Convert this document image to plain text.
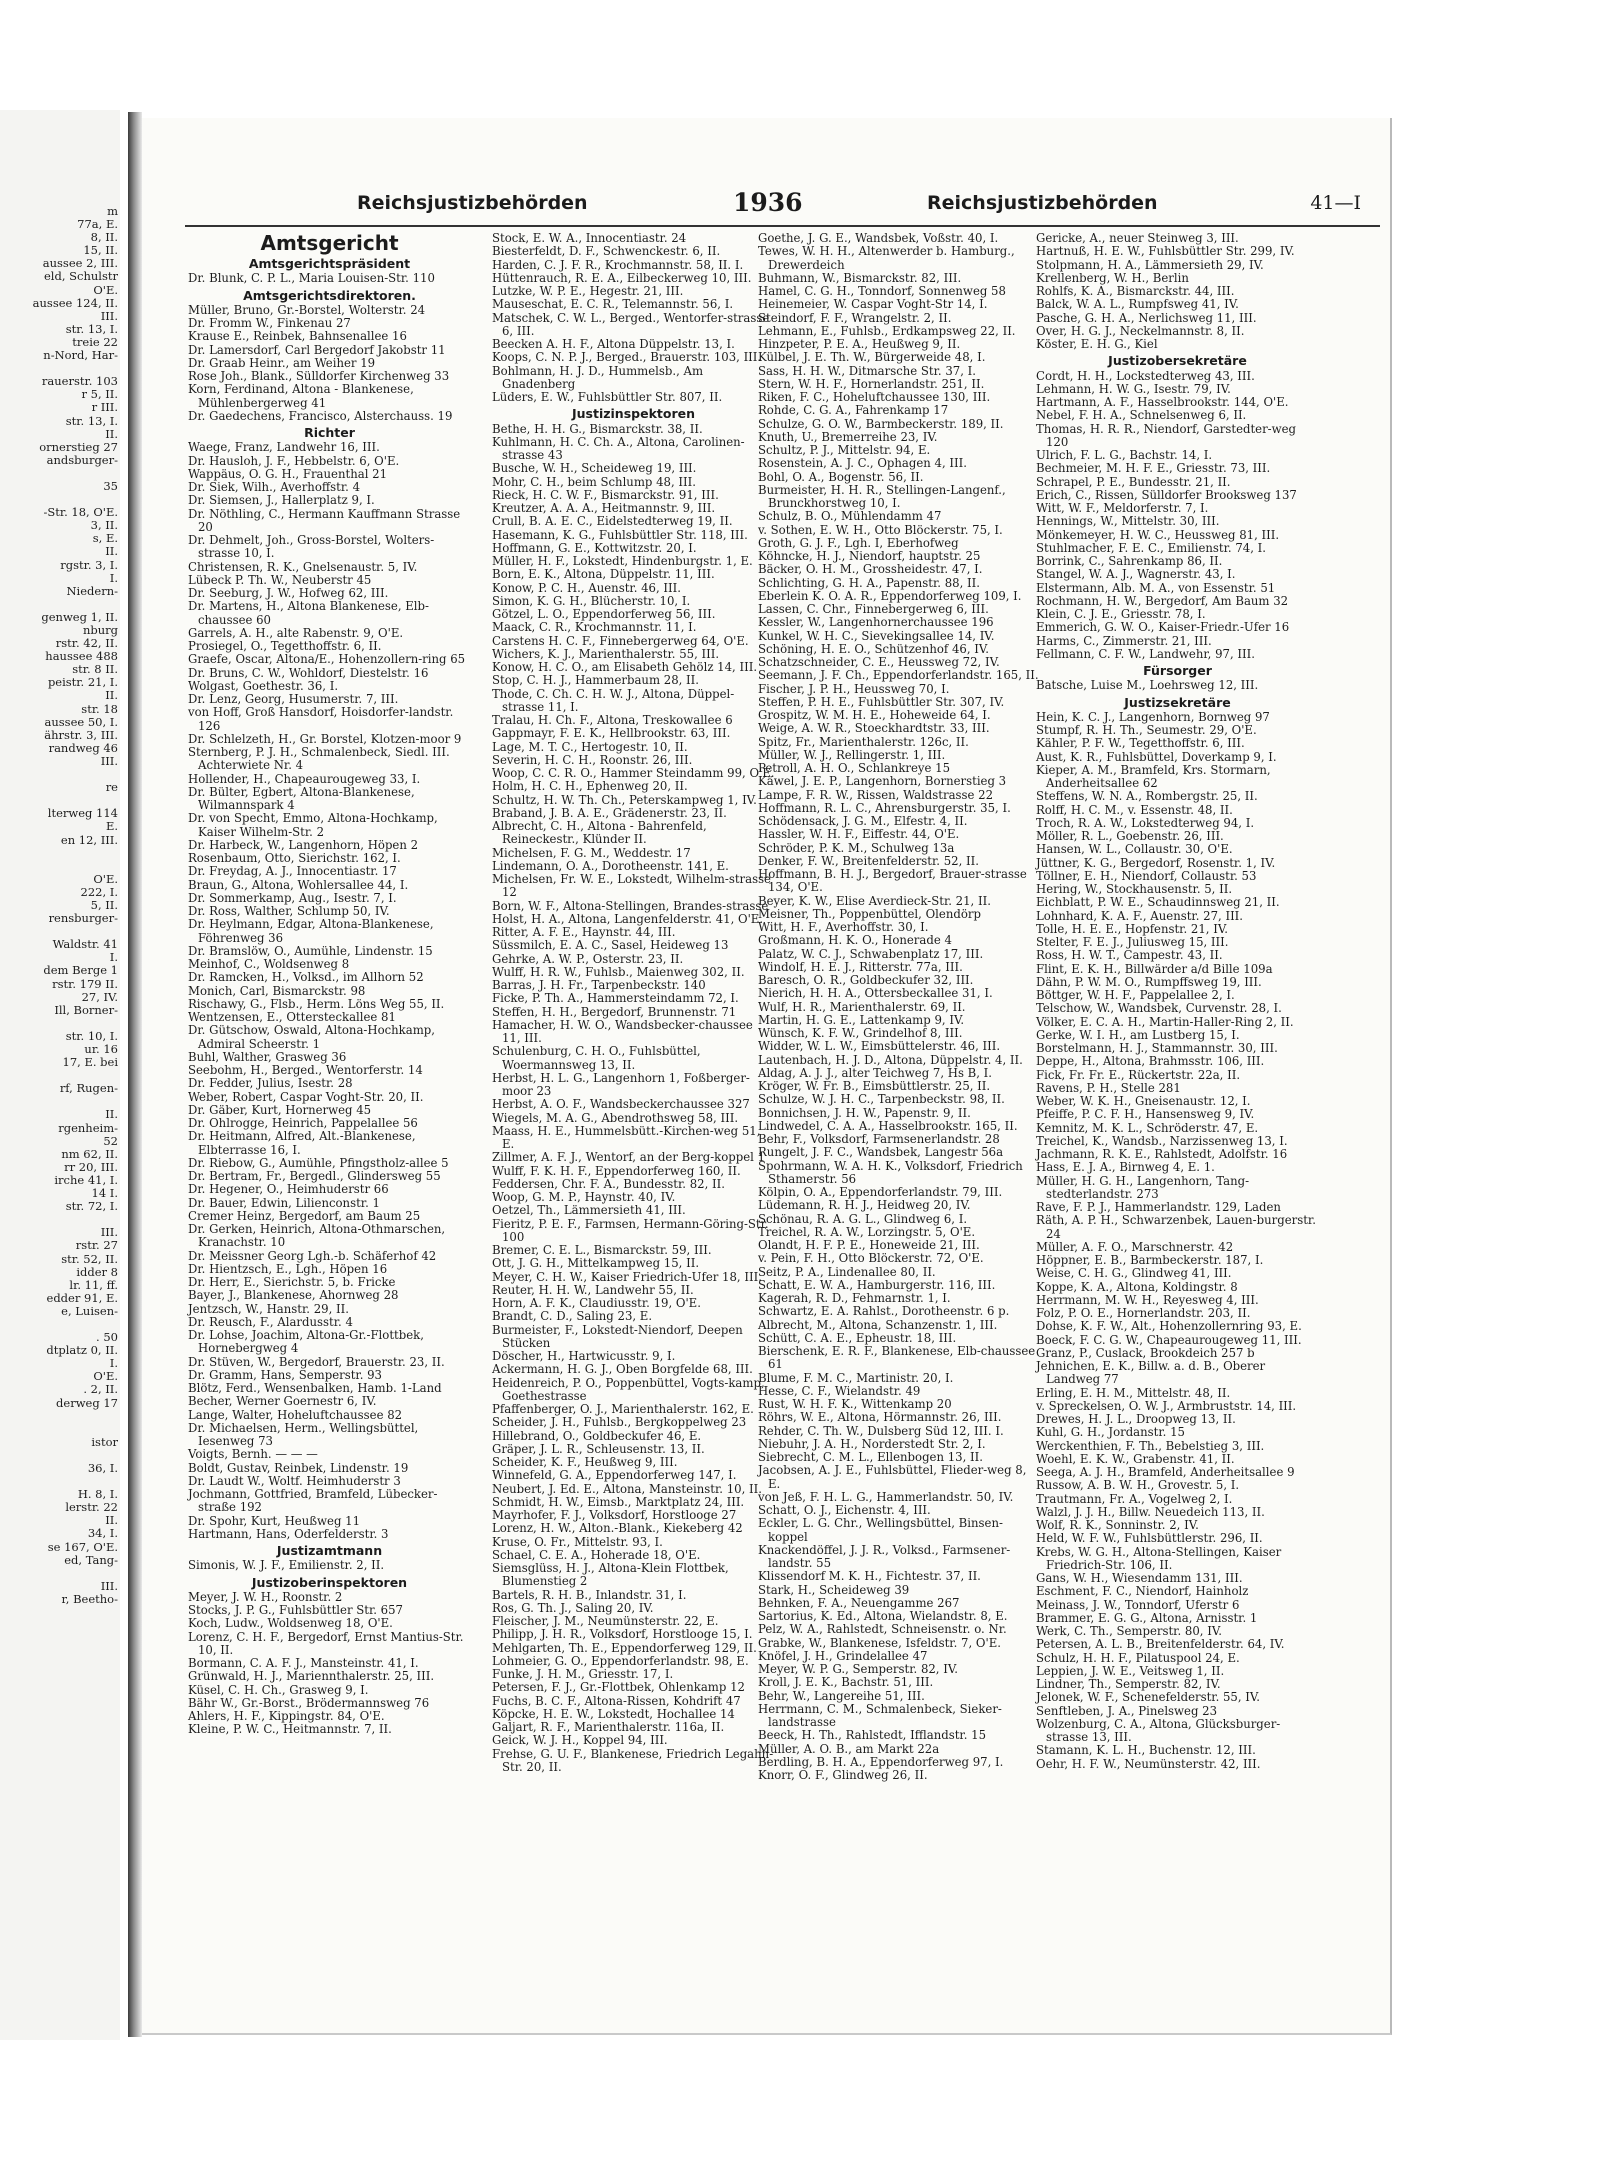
m
77a, E.
8, II.
15, II.
aussee 2, III.
eld, Schulstr
O'E.
aussee 124, II.
III.
str. 13, I.
treie 22
n-Nord, Har-

rauerstr. 103
r 5, II.
r III.
str. 13, I.
II.
ornerstieg 27
andsburger-

35

-Str. 18, O'E.
3, II.
s, E.
II.
rgstr. 3, I.
I.
Niedern-

genweg 1, II.
nburg
rstr. 42, II.
haussee 488
str. 8 II.
peistr. 21, I.
II.
str. 18
aussee 50, I.
ährstr. 3, III.
randweg 46
III.

re

lterweg 114
E.
en 12, III.

O'E.
222, I.
5, II.
rensburger-

Waldstr. 41
I.
dem Berge 1
rstr. 179 II.
27, IV.
Ill, Borner-

str. 10, I.
ur. 16
17, E. bei

rf, Rugen-

II.
rgenheim-
52
nm 62, II.
rr 20, III.
irche 41, I.
14 I.
str. 72, I.

III.
rstr. 27
str. 52, II.
idder 8
lr. 11, ff.
edder 91, E.
e, Luisen-

. 50
dtplatz 0, II.
I.
O'E.
. 2, II.
derweg 17

istor

36, I.

H. 8, I.
lerstr. 22
II.
34, I.
se 167, O'E.
ed, Tang-

III.
r, Beetho-
Reichsjustizbehörden	1936	Reichsjustizbehörden	41—I
Amtsgericht
Amtsgerichtspräsident
Dr. Blunk, C. P. L., Maria Louisen-Str. 110
Amtsgerichtsdirektoren.
Müller, Bruno, Gr.-Borstel, Wolterstr. 24
Dr. Fromm W., Finkenau 27
Krause E., Reinbek, Bahnsenallee 16
Dr. Lamersdorf, Carl Bergedorf Jakobstr 11
Dr. Graab Heinr., am Weiher 19
Rose Joh., Blank., Sülldorfer Kirchenweg 33
Korn, Ferdinand, Altona - Blankenese, Mühlenbergerweg 41
Dr. Gaedechens, Francisco, Alsterchauss. 19
Richter
Waege, Franz, Landwehr 16, III.
Dr. Hausloh, J. F., Hebbelstr. 6, O'E.
Wappäus, O. G. H., Frauenthal 21
Dr. Siek, Wilh., Averhoffstr. 4
Dr. Siemsen, J., Hallerplatz 9, I.
Dr. Nöthling, C., Hermann Kauffmann Strasse 20
Dr. Dehmelt, Joh., Gross-Borstel, Wolters-strasse 10, I.
Christensen, R. K., Gnelsenaustr. 5, IV.
Lübeck P. Th. W., Neuberstr 45
Dr. Seeburg, J. W., Hofweg 62, III.
Dr. Martens, H., Altona Blankenese, Elb-chaussee 60
Garrels, A. H., alte Rabenstr. 9, O'E.
Prosiegel, O., Tegetthoffstr. 6, II.
Graefe, Oscar, Altona/E., Hohenzollern-ring 65
Dr. Bruns, C. W., Wohldorf, Diestelstr. 16
Wolgast, Goethestr. 36, I.
Dr. Lenz, Georg, Husumerstr. 7, III.
von Hoff, Groß Hansdorf, Hoisdorfer-landstr. 126
Dr. Schlelzeth, H., Gr. Borstel, Klotzen-moor 9
Sternberg, P. J. H., Schmalenbeck, Siedl. III. Achterwiete Nr. 4
Hollender, H., Chapeaurougeweg 33, I.
Dr. Bülter, Egbert, Altona-Blankenese, Wilmannspark 4
Dr. von Specht, Emmo, Altona-Hochkamp, Kaiser Wilhelm-Str. 2
Dr. Harbeck, W., Langenhorn, Höpen 2
Rosenbaum, Otto, Sierichstr. 162, I.
Dr. Freydag, A. J., Innocentiastr. 17
Braun, G., Altona, Wohlersallee 44, I.
Dr. Sommerkamp, Aug., Isestr. 7, I.
Dr. Ross, Walther, Schlump 50, IV.
Dr. Heylmann, Edgar, Altona-Blankenese, Föhrenweg 36
Dr. Bramslöw, O., Aumühle, Lindenstr. 15
Meinhof, C., Woldsenweg 8
Dr. Ramcken, H., Volksd., im Allhorn 52
Monich, Carl, Bismarckstr. 98
Rischawy, G., Flsb., Herm. Löns Weg 55, II.
Wentzensen, E., Ottersteckallee 81
Dr. Gütschow, Oswald, Altona-Hochkamp, Admiral Scheerstr. 1
Buhl, Walther, Grasweg 36
Seebohm, H., Berged., Wentorferstr. 14
Dr. Fedder, Julius, Isestr. 28
Weber, Robert, Caspar Voght-Str. 20, II.
Dr. Gäber, Kurt, Hornerweg 45
Dr. Ohlrogge, Heinrich, Pappelallee 56
Dr. Heitmann, Alfred, Alt.-Blankenese, Elbterrasse 16, I.
Dr. Riebow, G., Aumühle, Pfingstholz-allee 5
Dr. Bertram, Fr., Bergedl., Glindersweg 55
Dr. Hegener, O., Heimhuderstr 66
Dr. Bauer, Edwin, Lilienconstr. 1
Cremer Heinz, Bergedorf, am Baum 25
Dr. Gerken, Heinrich, Altona-Othmarschen, Kranachstr. 10
Dr. Meissner Georg Lgh.-b. Schäferhof 42
Dr. Hientzsch, E., Lgh., Höpen 16
Dr. Herr, E., Sierichstr. 5, b. Fricke
Bayer, J., Blankenese, Ahornweg 28
Jentzsch, W., Hanstr. 29, II.
Dr. Reusch, F., Alardusstr. 4
Dr. Lohse, Joachim, Altona-Gr.-Flottbek, Hornebergweg 4
Dr. Stüven, W., Bergedorf, Brauerstr. 23, II.
Dr. Gramm, Hans, Semperstr. 93
Blötz, Ferd., Wensenbalken, Hamb. 1-Land
Becher, Werner Goernestr 6, IV.
Lange, Walter, Hoheluftchaussee 82
Dr. Michaelsen, Herm., Wellingsbüttel, Iesenweg 73
Voigts, Bernh. — — —
Boldt, Gustav, Reinbek, Lindenstr. 19
Dr. Laudt W., Woltf. Heimhuderstr 3
Jochmann, Gottfried, Bramfeld, Lübecker-straße 192
Dr. Spohr, Kurt, Heußweg 11
Hartmann, Hans, Oderfelderstr. 3
Justizamtmann
Simonis, W. J. F., Emilienstr. 2, II.
Justizoberinspektoren
Meyer, J. W. H., Roonstr. 2
Stocks, J. P. G., Fuhlsbüttler Str. 657
Koch, Ludw., Woldsenweg 18, O'E.
Lorenz, C. H. F., Bergedorf, Ernst Mantius-Str. 10, II.
Bormann, C. A. F. J., Mansteinstr. 41, I.
Grünwald, H. J., Mariennthalerstr. 25, III.
Küsel, C. H. Ch., Grasweg 9, I.
Bähr W., Gr.-Borst., Brödermannsweg 76
Ahlers, H. F., Kippingstr. 84, O'E.
Kleine, P. W. C., Heitmannstr. 7, II.
Stock, E. W. A., Innocentiastr. 24
Biesterfeldt, D. F., Schwenckestr. 6, II.
Harden, C. J. F. R., Krochmannstr. 58, II. I.
Hüttenrauch, R. E. A., Eilbeckerweg 10, III.
Lutzke, W. P. E., Hegestr. 21, III.
Mauseschat, E. C. R., Telemannstr. 56, I.
Matschek, C. W. L., Berged., Wentorfer-strasse 6, III.
Beecken A. H. F., Altona Düppelstr. 13, I.
Koops, C. N. P. J., Berged., Brauerstr. 103, III.
Bohlmann, H. J. D., Hummelsb., Am Gnadenberg
Lüders, E. W., Fuhlsbüttler Str. 807, II.
Justizinspektoren
Bethe, H. H. G., Bismarckstr. 38, II.
Kuhlmann, H. C. Ch. A., Altona, Carolinen-strasse 43
Busche, W. H., Scheideweg 19, III.
Mohr, C. H., beim Schlump 48, III.
Rieck, H. C. W. F., Bismarckstr. 91, III.
Kreutzer, A. A. A., Heitmannstr. 9, III.
Crull, B. A. E. C., Eidelstedterweg 19, II.
Hasemann, K. G., Fuhlsbüttler Str. 118, III.
Hoffmann, G. E., Kottwitzstr. 20, I.
Müller, H. F., Lokstedt, Hindenburgstr. 1, E.
Born, E. K., Altona, Düppelstr. 11, III.
Konow, P. C. H., Auenstr. 46, III.
Simon, K. G. H., Blücherstr. 10, I.
Götzel, L. O., Eppendorferweg 56, III.
Maack, C. R., Krochmannstr. 11, I.
Carstens H. C. F., Finnebergerweg 64, O'E.
Wichers, K. J., Marienthalerstr. 55, III.
Konow, H. C. O., am Elisabeth Gehölz 14, III.
Stop, C. H. J., Hammerbaum 28, II.
Thode, C. Ch. C. H. W. J., Altona, Düppel-strasse 11, I.
Tralau, H. Ch. F., Altona, Treskowallee 6
Gappmayr, F. E. K., Hellbrookstr. 63, III.
Lage, M. T. C., Hertogestr. 10, II.
Severin, H. C. H., Roonstr. 26, III.
Woop, C. C. R. O., Hammer Steindamm 99, O'E.
Holm, H. C. H., Ephenweg 20, II.
Schultz, H. W. Th. Ch., Peterskampweg 1, IV.
Braband, J. B. A. E., Grädenerstr. 23, II.
Albrecht, C. H., Altona - Bahrenfeld, Reineckestr., Klünder II.
Michelsen, F. G. M., Weddestr. 17
Lindemann, O. A., Dorotheenstr. 141, E.
Michelsen, Fr. W. E., Lokstedt, Wilhelm-strasse 12
Born, W. F., Altona-Stellingen, Brandes-strasse
Holst, H. A., Altona, Langenfelderstr. 41, O'E.
Ritter, A. F. E., Haynstr. 44, III.
Süssmilch, E. A. C., Sasel, Heideweg 13
Gehrke, A. W. P., Osterstr. 23, II.
Wulff, H. R. W., Fuhlsb., Maienweg 302, II.
Barras, J. H. Fr., Tarpenbeckstr. 140
Ficke, P. Th. A., Hammersteindamm 72, I.
Steffen, H. H., Bergedorf, Brunnenstr. 71
Hamacher, H. W. O., Wandsbecker-chaussee 11, III.
Schulenburg, C. H. O., Fuhlsbüttel, Woermannsweg 13, II.
Herbst, H. L. G., Langenhorn 1, Foßberger-moor 23
Herbst, A. O. F., Wandsbeckerchaussee 327
Wiegels, M. A. G., Abendrothsweg 58, III.
Maass, H. E., Hummelsbütt.-Kirchen-weg 51, E.
Zillmer, A. F. J., Wentorf, an der Berg-koppel 1
Wulff, F. K. H. F., Eppendorferweg 160, II.
Feddersen, Chr. F. A., Bundesstr. 82, II.
Woop, G. M. P., Haynstr. 40, IV.
Oetzel, Th., Lämmersieth 41, III.
Fieritz, P. E. F., Farmsen, Hermann-Göring-Str. 100
Bremer, C. E. L., Bismarckstr. 59, III.
Ott, J. G. H., Mittelkampweg 15, II.
Meyer, C. H. W., Kaiser Friedrich-Ufer 18, III.
Reuter, H. H. W., Landwehr 55, II.
Horn, A. F. K., Claudiusstr. 19, O'E.
Brandt, C. D., Saling 23, E.
Burmeister, F., Lokstedt-Niendorf, Deepen Stücken
Döscher, H., Hartwicusstr. 9, I.
Ackermann, H. G. J., Oben Borgfelde 68, III.
Heidenreich, P. O., Poppenbüttel, Vogts-kamp, Goethestrasse
Pfaffenberger, O. J., Marienthalerstr. 162, E.
Scheider, J. H., Fuhlsb., Bergkoppelweg 23
Hillebrand, O., Goldbeckufer 46, E.
Gräper, J. L. R., Schleusenstr. 13, II.
Scheider, K. F., Heußweg 9, III.
Winnefeld, G. A., Eppendorferweg 147, I.
Neubert, J. Ed. E., Altona, Mansteinstr. 10, II.
Schmidt, H. W., Eimsb., Marktplatz 24, III.
Mayrhofer, F. J., Volksdorf, Horstlooge 27
Lorenz, H. W., Alton.-Blank., Kiekeberg 42
Kruse, O. Fr., Mittelstr. 93, I.
Schael, C. E. A., Hoherade 18, O'E.
Siemsglüss, H. J., Altona-Klein Flottbek, Blumenstieg 2
Bartels, R. H. B., Inlandstr. 31, I.
Ros, G. Th. J., Saling 20, IV.
Fleischer, J. M., Neumünsterstr. 22, E.
Philipp, J. H. R., Volksdorf, Horstlooge 15, I.
Mehlgarten, Th. E., Eppendorferweg 129, II.
Lohmeier, G. O., Eppendorferlandstr. 98, E.
Funke, J. H. M., Griesstr. 17, I.
Petersen, F. J., Gr.-Flottbek, Ohlenkamp 12
Fuchs, B. C. F., Altona-Rissen, Kohdrift 47
Köpcke, H. E. W., Lokstedt, Hochallee 14
Galjart, R. F., Marienthalerstr. 116a, II.
Geick, W. J. H., Koppel 94, III.
Frehse, G. U. F., Blankenese, Friedrich Legahn-Str. 20, II.
Goethe, J. G. E., Wandsbek, Voßstr. 40, I.
Tewes, W. H. H., Altenwerder b. Hamburg., Drewerdeich
Buhmann, W., Bismarckstr. 82, III.
Hamel, C. G. H., Tonndorf, Sonnenweg 58
Heinemeier, W. Caspar Voght-Str 14, I.
Steindorf, F. F., Wrangelstr. 2, II.
Lehmann, E., Fuhlsb., Erdkampsweg 22, II.
Hinzpeter, P. E. A., Heußweg 9, II.
Külbel, J. E. Th. W., Bürgerweide 48, I.
Sass, H. H. W., Ditmarsche Str. 37, I.
Stern, W. H. F., Hornerlandstr. 251, II.
Riken, F. C., Hoheluftchaussee 130, III.
Rohde, C. G. A., Fahrenkamp 17
Schulze, G. O. W., Barmbeckerstr. 189, II.
Knuth, U., Bremerreihe 23, IV.
Schultz, P. J., Mittelstr. 94, E.
Rosenstein, A. J. C., Ophagen 4, III.
Bohl, O. A., Bogenstr. 56, II.
Burmeister, H. H. R., Stellingen-Langenf., Brunckhorstweg 10, I.
Schulz, B. O., Mühlendamm 47
v. Sothen, E. W. H., Otto Blöckerstr. 75, I.
Groth, G. J. F., Lgh. I, Eberhofweg
Köhncke, H. J., Niendorf, hauptstr. 25
Bäcker, O. H. M., Grossheidestr. 47, I.
Schlichting, G. H. A., Papenstr. 88, II.
Eberlein K. O. A. R., Eppendorferweg 109, I.
Lassen, C. Chr., Finnebergerweg 6, III.
Kessler, W., Langenhornerchaussee 196
Kunkel, W. H. C., Sievekingsallee 14, IV.
Schöning, H. E. O., Schützenhof 46, IV.
Schatzschneider, C. E., Heussweg 72, IV.
Seemann, J. F. Ch., Eppendorferlandstr. 165, II.
Fischer, J. P. H., Heussweg 70, I.
Steffen, P. H. E., Fuhlsbüttler Str. 307, IV.
Grospitz, W. M. H. E., Hoheweide 64, I.
Weige, A. W. R., Stoeckhardtstr. 33, III.
Spitz, Fr., Marienthalerstr. 126c, II.
Müller, W. J., Rellingerstr. 1, III.
Petroll, A. H. O., Schlankreye 15
Käwel, J. E. P., Langenhorn, Bornerstieg 3
Lampe, F. R. W., Rissen, Waldstrasse 22
Hoffmann, R. L. C., Ahrensburgerstr. 35, I.
Schödensack, J. G. M., Elfestr. 4, II.
Hassler, W. H. F., Eiffestr. 44, O'E.
Schröder, P. K. M., Schulweg 13a
Denker, F. W., Breitenfelderstr. 52, II.
Hoffmann, B. H. J., Bergedorf, Brauer-strasse 134, O'E.
Beyer, K. W., Elise Averdieck-Str. 21, II.
Meisner, Th., Poppenbüttel, Olendörp
Witt, H. F., Averhoffstr. 30, I.
Großmann, H. K. O., Honerade 4
Palatz, W. C. J., Schwabenplatz 17, III.
Windolf, H. E. J., Ritterstr. 77a, III.
Baresch, O. R., Goldbeckufer 32, III.
Nierich, H. H. A., Ottersbeckallee 31, I.
Wulf, H. R., Marienthalerstr. 69, II.
Martin, H. G. E., Lattenkamp 9, IV.
Wünsch, K. F. W., Grindelhof 8, III.
Widder, W. L. W., Eimsbüttelerstr. 46, III.
Lautenbach, H. J. D., Altona, Düppelstr. 4, II.
Aldag, A. J. J., alter Teichweg 7, Hs B, I.
Kröger, W. Fr. B., Eimsbüttlerstr. 25, II.
Schulze, W. J. H. C., Tarpenbeckstr. 98, II.
Bonnichsen, J. H. W., Papenstr. 9, II.
Lindwedel, C. A. A., Hasselbrookstr. 165, II.
Behr, F., Volksdorf, Farmsenerlandstr. 28
Rungelt, J. F. C., Wandsbek, Langestr 56a
Spohrmann, W. A. H. K., Volksdorf, Friedrich Sthamerstr. 56
Kölpin, O. A., Eppendorferlandstr. 79, III.
Lüdemann, R. H. J., Heidweg 20, IV.
Schönau, R. A. G. L., Glindweg 6, I.
Treichel, R. A. W., Lorzingstr. 5, O'E.
Olandt, H. F. P. E., Honeweide 21, III.
v. Pein, F. H., Otto Blöckerstr. 72, O'E.
Seitz, P. A., Lindenallee 80, II.
Schatt, E. W. A., Hamburgerstr. 116, III.
Kagerah, R. D., Fehmarnstr. 1, I.
Schwartz, E. A. Rahlst., Dorotheenstr. 6 p.
Albrecht, M., Altona, Schanzenstr. 1, III.
Schütt, C. A. E., Epheustr. 18, III.
Bierschenk, E. R. F., Blankenese, Elb-chaussee 61
Blume, F. M. C., Martinistr. 20, I.
Hesse, C. F., Wielandstr. 49
Rust, W. H. F. K., Wittenkamp 20
Röhrs, W. E., Altona, Hörmannstr. 26, III.
Rehder, C. Th. W., Dulsberg Süd 12, III. I.
Niebuhr, J. A. H., Norderstedt Str. 2, I.
Siebrecht, C. M. L., Ellenbogen 13, II.
Jacobsen, A. J. E., Fuhlsbüttel, Flieder-weg 8, E.
von Jeß, F. H. L. G., Hammerlandstr. 50, IV.
Schatt, O. J., Eichenstr. 4, III.
Eckler, L. G. Chr., Wellingsbüttel, Binsen-koppel
Knackendöffel, J. J. R., Volksd., Farmsener-landstr. 55
Klissendorf M. K. H., Fichtestr. 37, II.
Stark, H., Scheideweg 39
Behnken, F. A., Neuengamme 267
Sartorius, K. Ed., Altona, Wielandstr. 8, E.
Pelz, W. A., Rahlstedt, Schneisenstr. o. Nr.
Grabke, W., Blankenese, Isfeldstr. 7, O'E.
Knöfel, J. H., Grindelallee 47
Meyer, W. P. G., Semperstr. 82, IV.
Kroll, J. E. K., Bachstr. 51, III.
Behr, W., Langereihe 51, III.
Herrmann, C. M., Schmalenbeck, Sieker-landstrasse
Beeck, H. Th., Rahlstedt, Ifflandstr. 15
Müller, A. O. B., am Markt 22a
Berdling, B. H. A., Eppendorferweg 97, I.
Knorr, O. F., Glindweg 26, II.
Gericke, A., neuer Steinweg 3, III.
Hartnuß, H. E. W., Fuhlsbüttler Str. 299, IV.
Stolpmann, H. A., Lämmersieth 29, IV.
Krellenberg, W. H., Berlin
Rohlfs, K. A., Bismarckstr. 44, III.
Balck, W. A. L., Rumpfsweg 41, IV.
Pasche, G. H. A., Nerlichsweg 11, III.
Over, H. G. J., Neckelmannstr. 8, II.
Köster, E. H. G., Kiel
Justizobersekretäre
Cordt, H. H., Lockstedterweg 43, III.
Lehmann, H. W. G., Isestr. 79, IV.
Hartmann, A. F., Hasselbrookstr. 144, O'E.
Nebel, F. H. A., Schnelsenweg 6, II.
Thomas, H. R. R., Niendorf, Garstedter-weg 120
Ulrich, F. L. G., Bachstr. 14, I.
Bechmeier, M. H. F. E., Griesstr. 73, III.
Schrapel, P. E., Bundesstr. 21, II.
Erich, C., Rissen, Sülldorfer Brooksweg 137
Witt, W. F., Meldorferstr. 7, I.
Hennings, W., Mittelstr. 30, III.
Mönkemeyer, H. W. C., Heussweg 81, III.
Stuhlmacher, F. E. C., Emilienstr. 74, I.
Borrink, C., Sahrenkamp 86, II.
Stangel, W. A. J., Wagnerstr. 43, I.
Elstermann, Alb. M. A., von Essenstr. 51
Rochmann, H. W., Bergedorf, Am Baum 32
Klein, C. J. E., Griesstr. 78, I.
Emmerich, G. W. O., Kaiser-Friedr.-Ufer 16
Harms, C., Zimmerstr. 21, III.
Fellmann, C. F. W., Landwehr, 97, III.
Fürsorger
Batsche, Luise M., Loehrsweg 12, III.
Justizsekretäre
Hein, K. C. J., Langenhorn, Bornweg 97
Stumpf, R. H. Th., Seumestr. 29, O'E.
Kähler, P. F. W., Tegetthoffstr. 6, III.
Aust, K. R., Fuhlsbüttel, Doverkamp 9, I.
Kieper, A. M., Bramfeld, Krs. Stormarn, Anderheitsallee 62
Steffens, W. N. A., Rombergstr. 25, II.
Rolff, H. C. M., v. Essenstr. 48, II.
Troch, R. A. W., Lokstedterweg 94, I.
Möller, R. L., Goebenstr. 26, III.
Hansen, W. L., Collaustr. 30, O'E.
Jüttner, K. G., Bergedorf, Rosenstr. 1, IV.
Töllner, E. H., Niendorf, Collaustr. 53
Hering, W., Stockhausenstr. 5, II.
Eichblatt, P. W. E., Schaudinnsweg 21, II.
Lohnhard, K. A. F., Auenstr. 27, III.
Tolle, H. E. E., Hopfenstr. 21, IV.
Stelter, F. E. J., Juliusweg 15, III.
Ross, H. W. T., Campestr. 43, II.
Flint, E. K. H., Billwärder a/d Bille 109a
Dähn, P. W. M. O., Rumpffsweg 19, III.
Böttger, W. H. F., Pappelallee 2, I.
Telschow, W., Wandsbek, Curvenstr. 28, I.
Völker, E. C. A. H., Martin-Haller-Ring 2, II.
Gerke, W. I. H., am Lustberg 15, I.
Borstelmann, H. J., Stammannstr. 30, III.
Deppe, H., Altona, Brahmsstr. 106, III.
Fick, Fr. Fr. E., Rückertstr. 22a, II.
Ravens, P. H., Stelle 281
Weber, W. K. H., Gneisenaustr. 12, I.
Pfeiffe, P. C. F. H., Hansensweg 9, IV.
Kemnitz, M. K. L., Schröderstr. 47, E.
Treichel, K., Wandsb., Narzissenweg 13, I.
Jachmann, R. K. E., Rahlstedt, Adolfstr. 16
Hass, E. J. A., Birnweg 4, E. 1.
Müller, H. G. H., Langenhorn, Tang-stedterlandstr. 273
Rave, F. P. J., Hammerlandstr. 129, Laden
Räth, A. P. H., Schwarzenbek, Lauen-burgerstr. 24
Müller, A. F. O., Marschnerstr. 42
Höppner, E. B., Barmbeckerstr. 187, I.
Weise, C. H. G., Glindweg 41, III.
Koppe, K. A., Altona, Koldingstr. 8
Herrmann, M. W. H., Reyesweg 4, III.
Folz, P. O. E., Hornerlandstr. 203, II.
Dohse, K. F. W., Alt., Hohenzollernring 93, E.
Boeck, F. C. G. W., Chapeaurougeweg 11, III.
Granz, P., Cuslack, Brookdeich 257 b
Jehnichen, E. K., Billw. a. d. B., Oberer Landweg 77
Erling, E. H. M., Mittelstr. 48, II.
v. Spreckelsen, O. W. J., Armbruststr. 14, III.
Drewes, H. J. L., Droopweg 13, II.
Kuhl, G. H., Jordanstr. 15
Werckenthien, F. Th., Bebelstieg 3, III.
Woehl, E. K. W., Grabenstr. 41, II.
Seega, A. J. H., Bramfeld, Anderheitsallee 9
Russow, A. B. W. H., Grovestr. 5, I.
Trautmann, Fr. A., Vogelweg 2, I.
Walzl, J. J. H., Billw. Neuedeich 113, II.
Wolf, R. K., Sonninstr. 2, IV.
Held, W. F. W., Fuhlsbüttlerstr. 296, II.
Krebs, W. G. H., Altona-Stellingen, Kaiser Friedrich-Str. 106, II.
Gans, W. H., Wiesendamm 131, III.
Eschment, F. C., Niendorf, Hainholz
Meinass, J. W., Tonndorf, Uferstr 6
Brammer, E. G. G., Altona, Arnisstr. 1
Werk, C. Th., Semperstr. 80, IV.
Petersen, A. L. B., Breitenfelderstr. 64, IV.
Schulz, H. H. F., Pilatuspool 24, E.
Leppien, J. W. E., Veitsweg 1, II.
Lindner, Th., Semperstr. 82, IV.
Jelonek, W. F., Schenefelderstr. 55, IV.
Senftleben, J. A., Pinelsweg 23
Wolzenburg, C. A., Altona, Glücksburger-strasse 13, III.
Stamann, K. L. H., Buchenstr. 12, III.
Oehr, H. F. W., Neumünsterstr. 42, III.
